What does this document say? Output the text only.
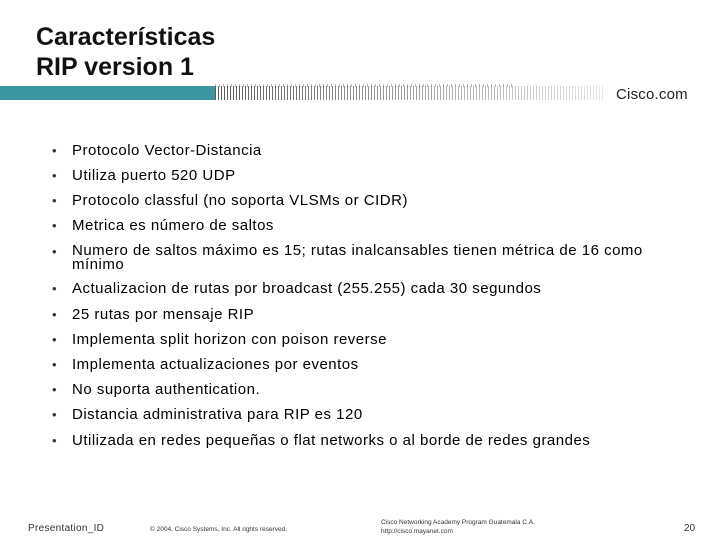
Características
RIP version 1
Cisco.com
• Protocolo Vector-Distancia
• Utiliza puerto 520 UDP
• Protocolo classful (no soporta VLSMs or CIDR)
• Metrica es número de saltos
• Numero de saltos máximo es 15; rutas inalcansables tienen métrica de 16 como mínimo
• Actualizacion de rutas por broadcast (255.255) cada 30 segundos
• 25 rutas por mensaje RIP
• Implementa split horizon con poison reverse
• Implementa actualizaciones por eventos
• No suporta authentication.
• Distancia administrativa para RIP es 120
• Utilizada en redes pequeñas o flat networks o al borde de redes grandes
Presentation_ID	© 2004, Cisco Systems, Inc. All rights reserved.
Cisco Networking Academy Program Guatemala C.A.
http://cisco.mayanet.com	20
